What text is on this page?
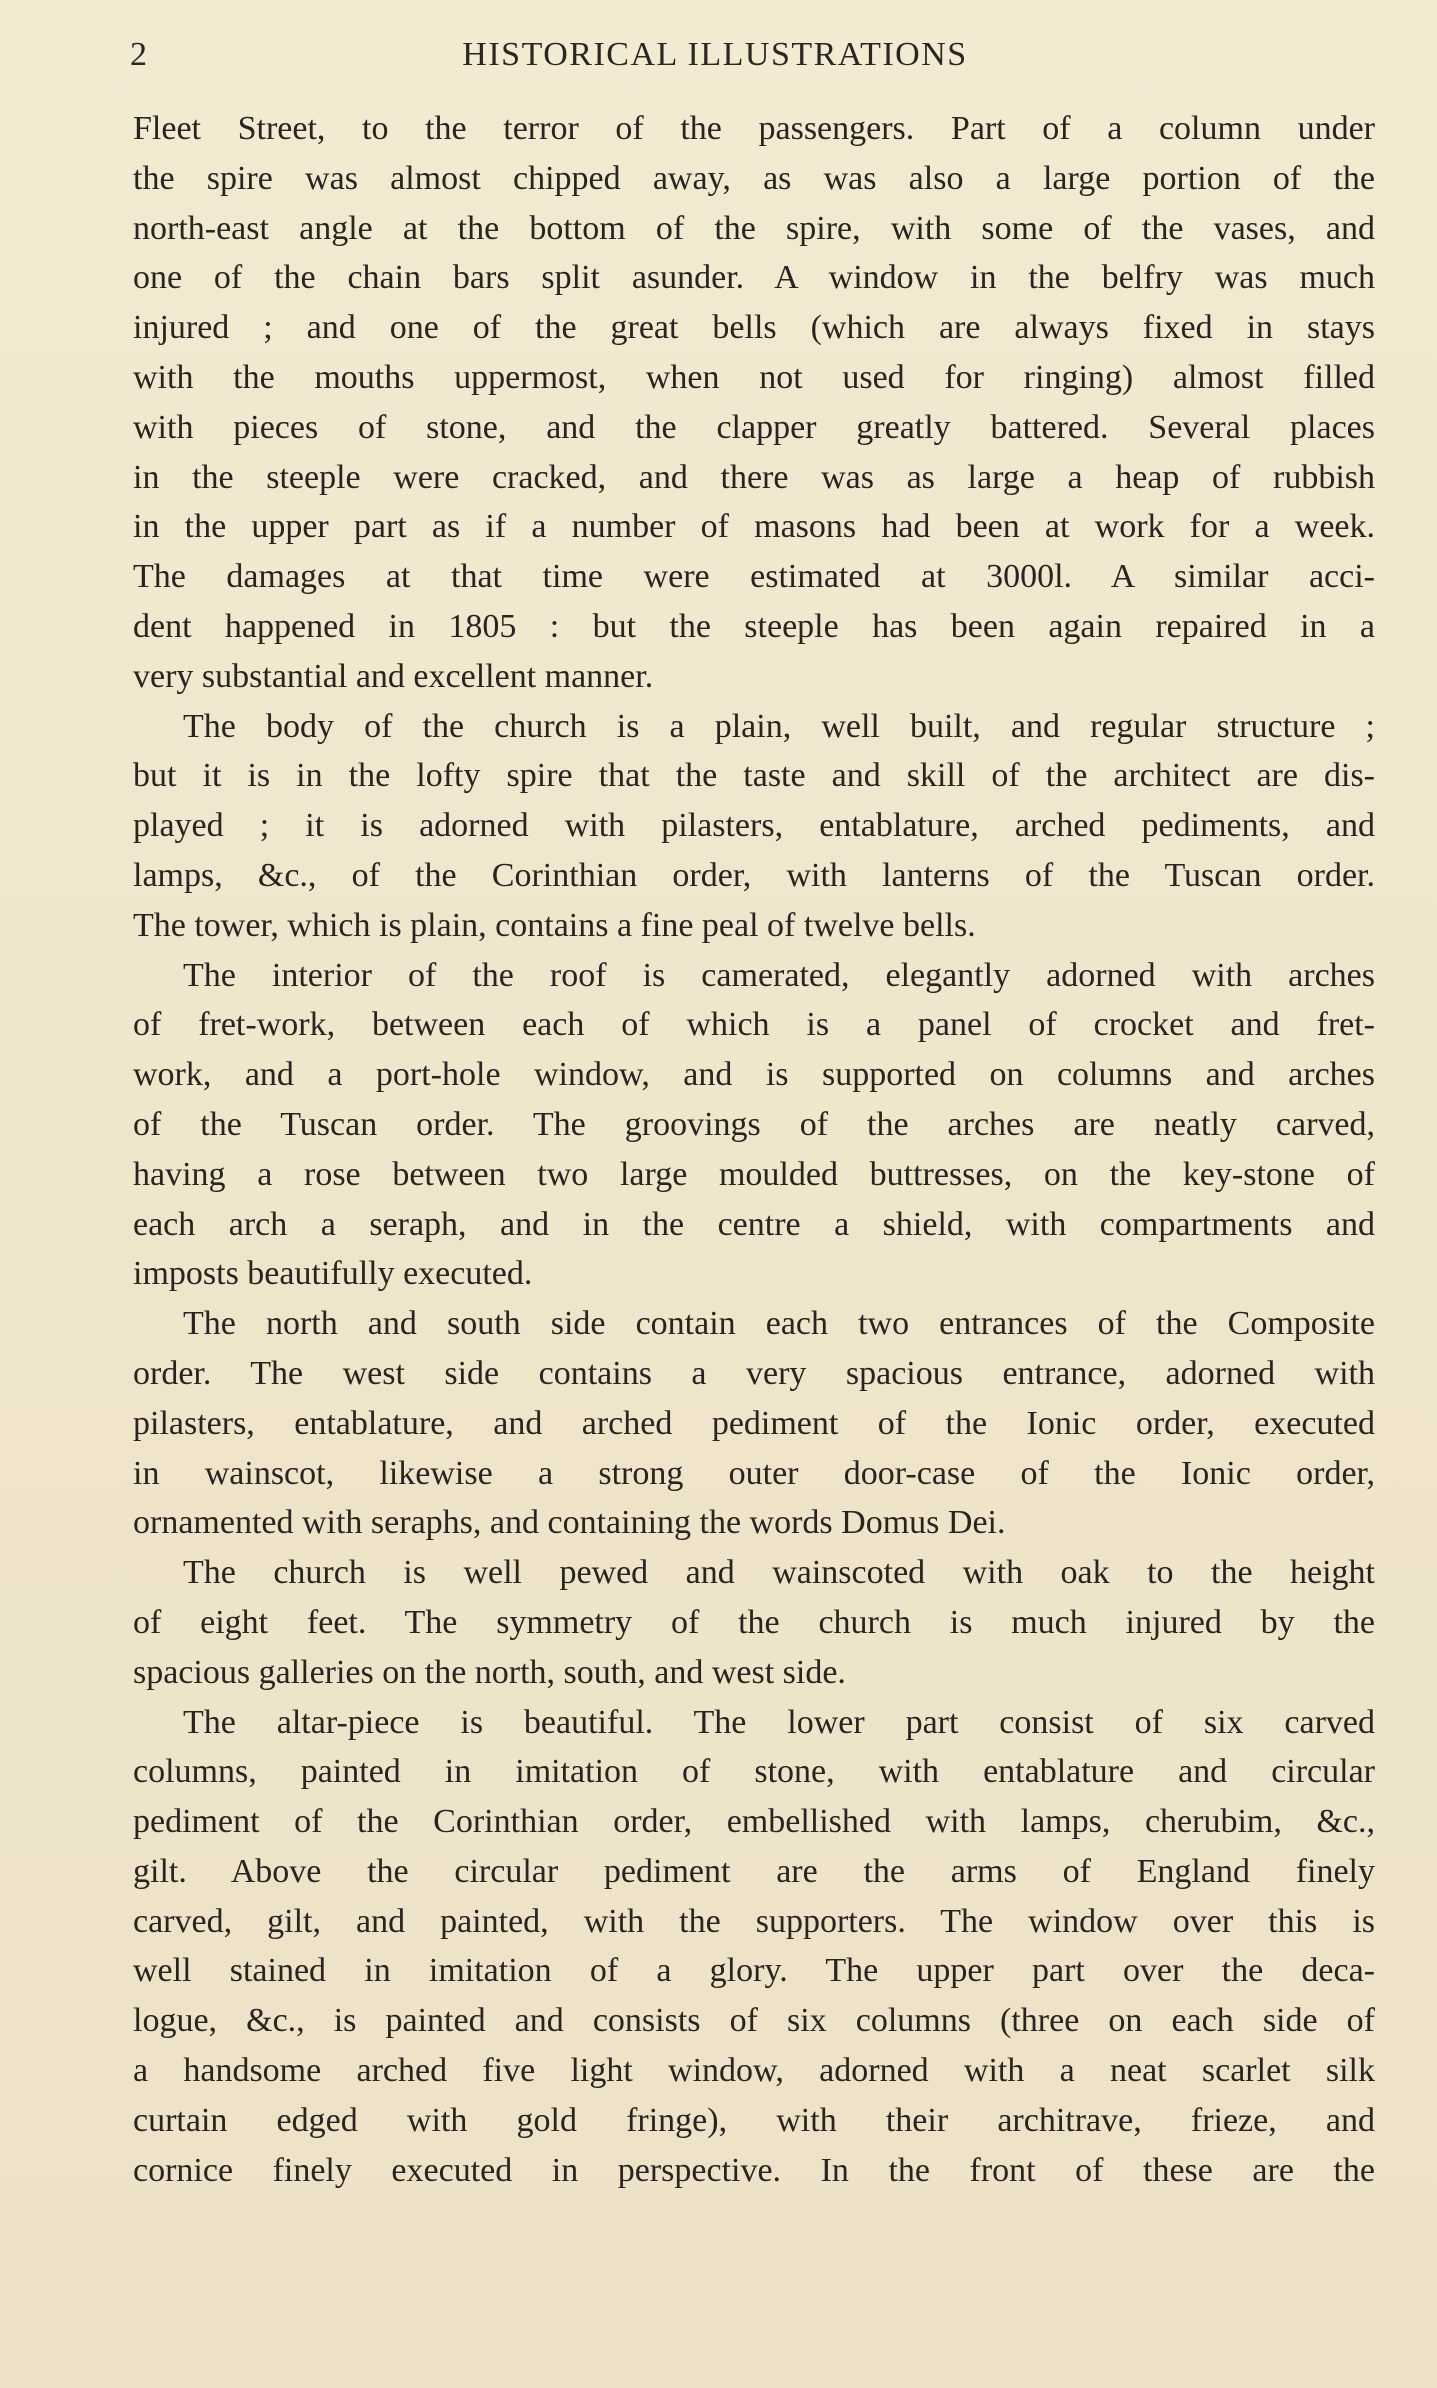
2	HISTORICAL ILLUSTRATIONS
Fleet Street, to the terror of the passengers. Part of a column under
the spire was almost chipped away, as was also a large portion of the
north-east angle at the bottom of the spire, with some of the vases, and
one of the chain bars split asunder. A window in the belfry was much
injured ; and one of the great bells (which are always fixed in stays
with the mouths uppermost, when not used for ringing) almost filled
with pieces of stone, and the clapper greatly battered. Several places
in the steeple were cracked, and there was as large a heap of rubbish
in the upper part as if a number of masons had been at work for a week.
The damages at that time were estimated at 3000l. A similar acci-
dent happened in 1805 : but the steeple has been again repaired in a
very substantial and excellent manner.
The body of the church is a plain, well built, and regular structure ;
but it is in the lofty spire that the taste and skill of the architect are dis-
played ; it is adorned with pilasters, entablature, arched pediments, and
lamps, &c., of the Corinthian order, with lanterns of the Tuscan order.
The tower, which is plain, contains a fine peal of twelve bells.
The interior of the roof is camerated, elegantly adorned with arches
of fret-work, between each of which is a panel of crocket and fret-
work, and a port-hole window, and is supported on columns and arches
of the Tuscan order. The groovings of the arches are neatly carved,
having a rose between two large moulded buttresses, on the key-stone of
each arch a seraph, and in the centre a shield, with compartments and
imposts beautifully executed.
The north and south side contain each two entrances of the Composite
order. The west side contains a very spacious entrance, adorned with
pilasters, entablature, and arched pediment of the Ionic order, executed
in wainscot, likewise a strong outer door-case of the Ionic order,
ornamented with seraphs, and containing the words Domus Dei.
The church is well pewed and wainscoted with oak to the height
of eight feet. The symmetry of the church is much injured by the
spacious galleries on the north, south, and west side.
The altar-piece is beautiful. The lower part consist of six carved
columns, painted in imitation of stone, with entablature and circular
pediment of the Corinthian order, embellished with lamps, cherubim, &c.,
gilt. Above the circular pediment are the arms of England finely
carved, gilt, and painted, with the supporters. The window over this is
well stained in imitation of a glory. The upper part over the deca-
logue, &c., is painted and consists of six columns (three on each side of
a handsome arched five light window, adorned with a neat scarlet silk
curtain edged with gold fringe), with their architrave, frieze, and
cornice finely executed in perspective. In the front of these are the
